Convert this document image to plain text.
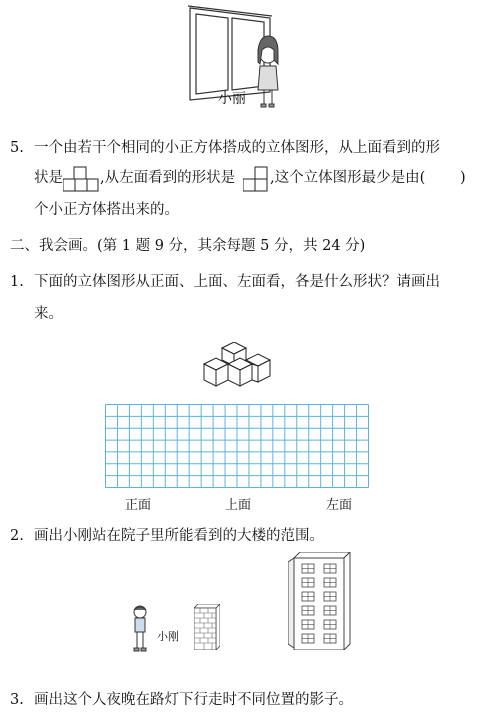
小丽
5. 一个由若干个相同的小正方体搭成的立体图形，从上面看到的形
状是	,从左面看到的形状是 ,这个立体图形最少是由( )
个小正方体搭出来的。
二、我会画。(第 1 题 9 分，其余每题 5 分，共 24 分)
1. 下面的立体图形从正面、上面、左面看，各是什么形状？请画出
来。
正面	上面	左面
2. 画出小刚站在院子里所能看到的大楼的范围。
小刚
3. 画出这个人夜晚在路灯下行走时不同位置的影子。
